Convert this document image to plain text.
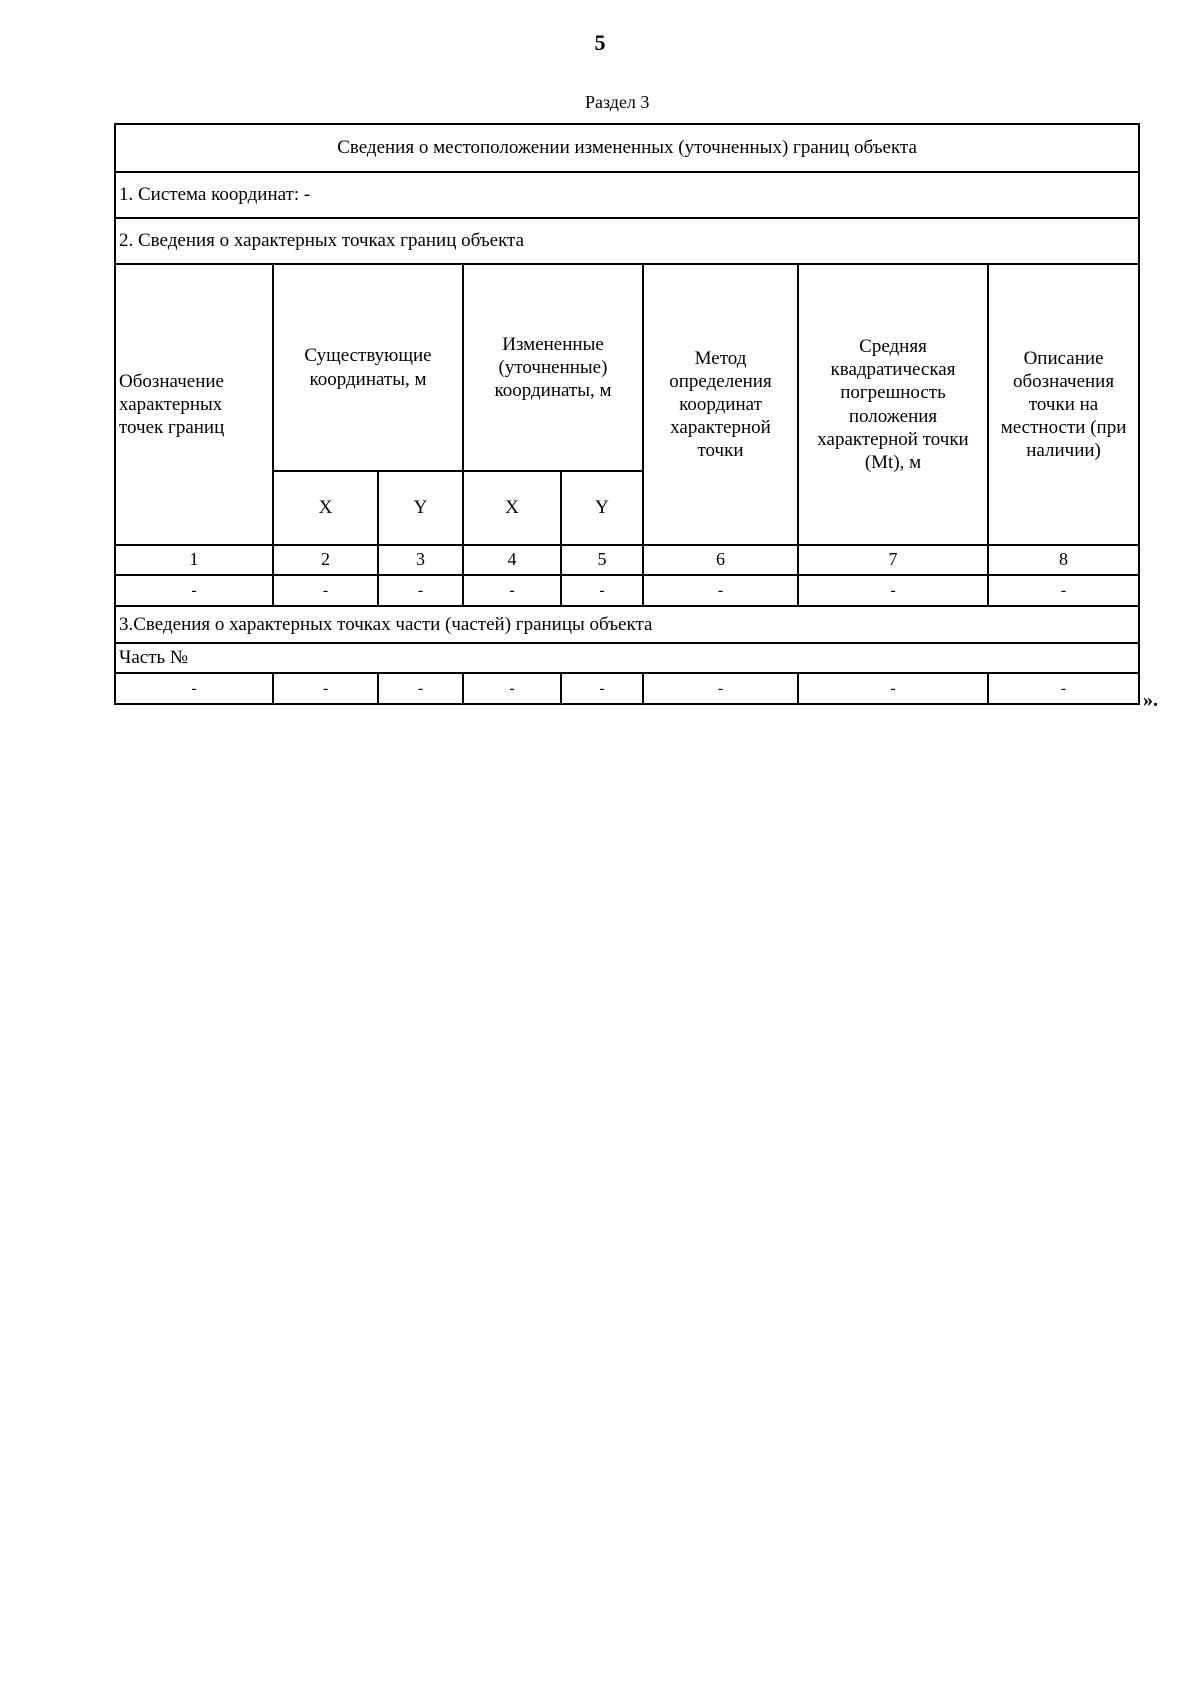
5
Раздел 3
Сведения о местоположении измененных (уточненных) границ объекта							
1. Система координат: -							
2. Сведения о характерных точках границ объекта							
Обозначение характерных точек границ	Существующие координаты, м		Измененные (уточненные) координаты, м		Метод определения координат характерной точки	Средняя квадратическая погрешность положения характерной точки (Mt), м	Описание обозначения точки на местности (при наличии)
	X	Y	X	Y			
1	2	3	4	5	6	7	8
-	-	-	-	-	-	-	-
3.Сведения о характерных точках части (частей) границы объекта							
Часть №							
-	-	-	-	-	-	-	-
».
